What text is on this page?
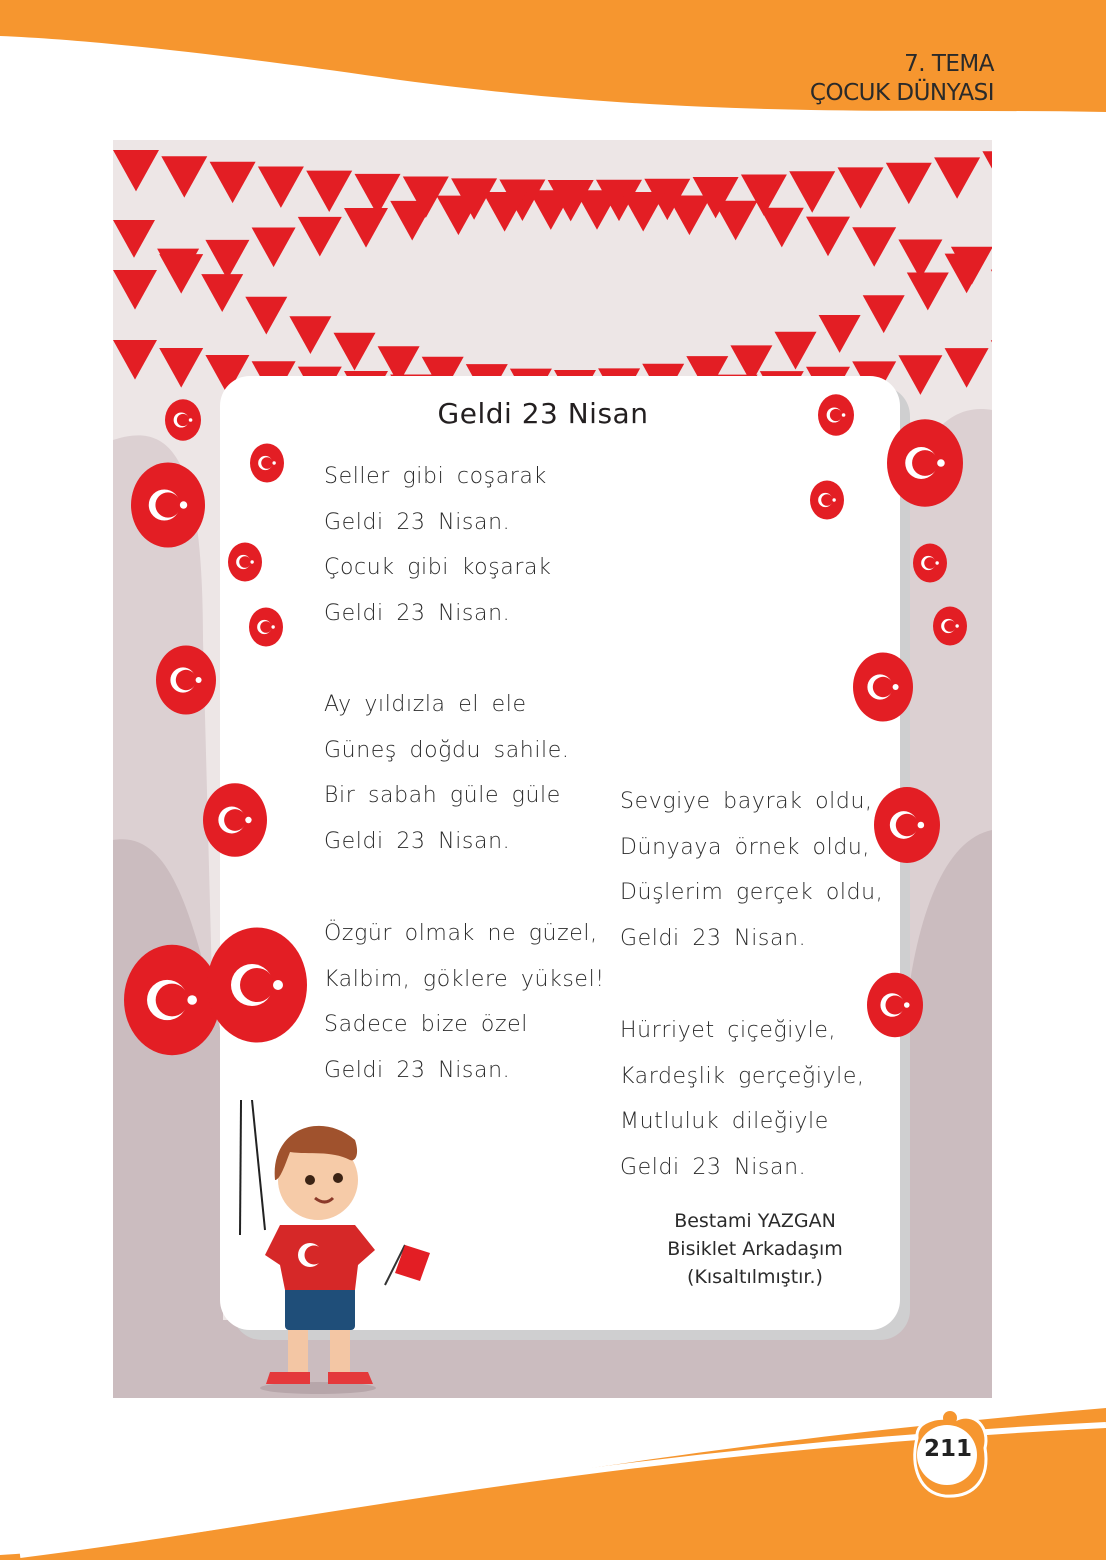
7. TEMA
ÇOCUK DÜNYASI
Geldi 23 Nisan
Seller gibi coşarak
Geldi 23 Nisan.
Çocuk gibi koşarak
Geldi 23 Nisan.
Ay yıldızla el ele
Güneş doğdu sahile.
Bir sabah güle güle
Geldi 23 Nisan.
Özgür olmak ne güzel,
Kalbim, göklere yüksel!
Sadece bize özel
Geldi 23 Nisan.
Sevgiye bayrak oldu,
Dünyaya örnek oldu,
Düşlerim gerçek oldu,
Geldi 23 Nisan.
Hürriyet çiçeğiyle,
Kardeşlik gerçeğiyle,
Mutluluk dileğiyle
Geldi 23 Nisan.
Bestami YAZGAN
Bisiklet Arkadaşım
(Kısaltılmıştır.)
211
